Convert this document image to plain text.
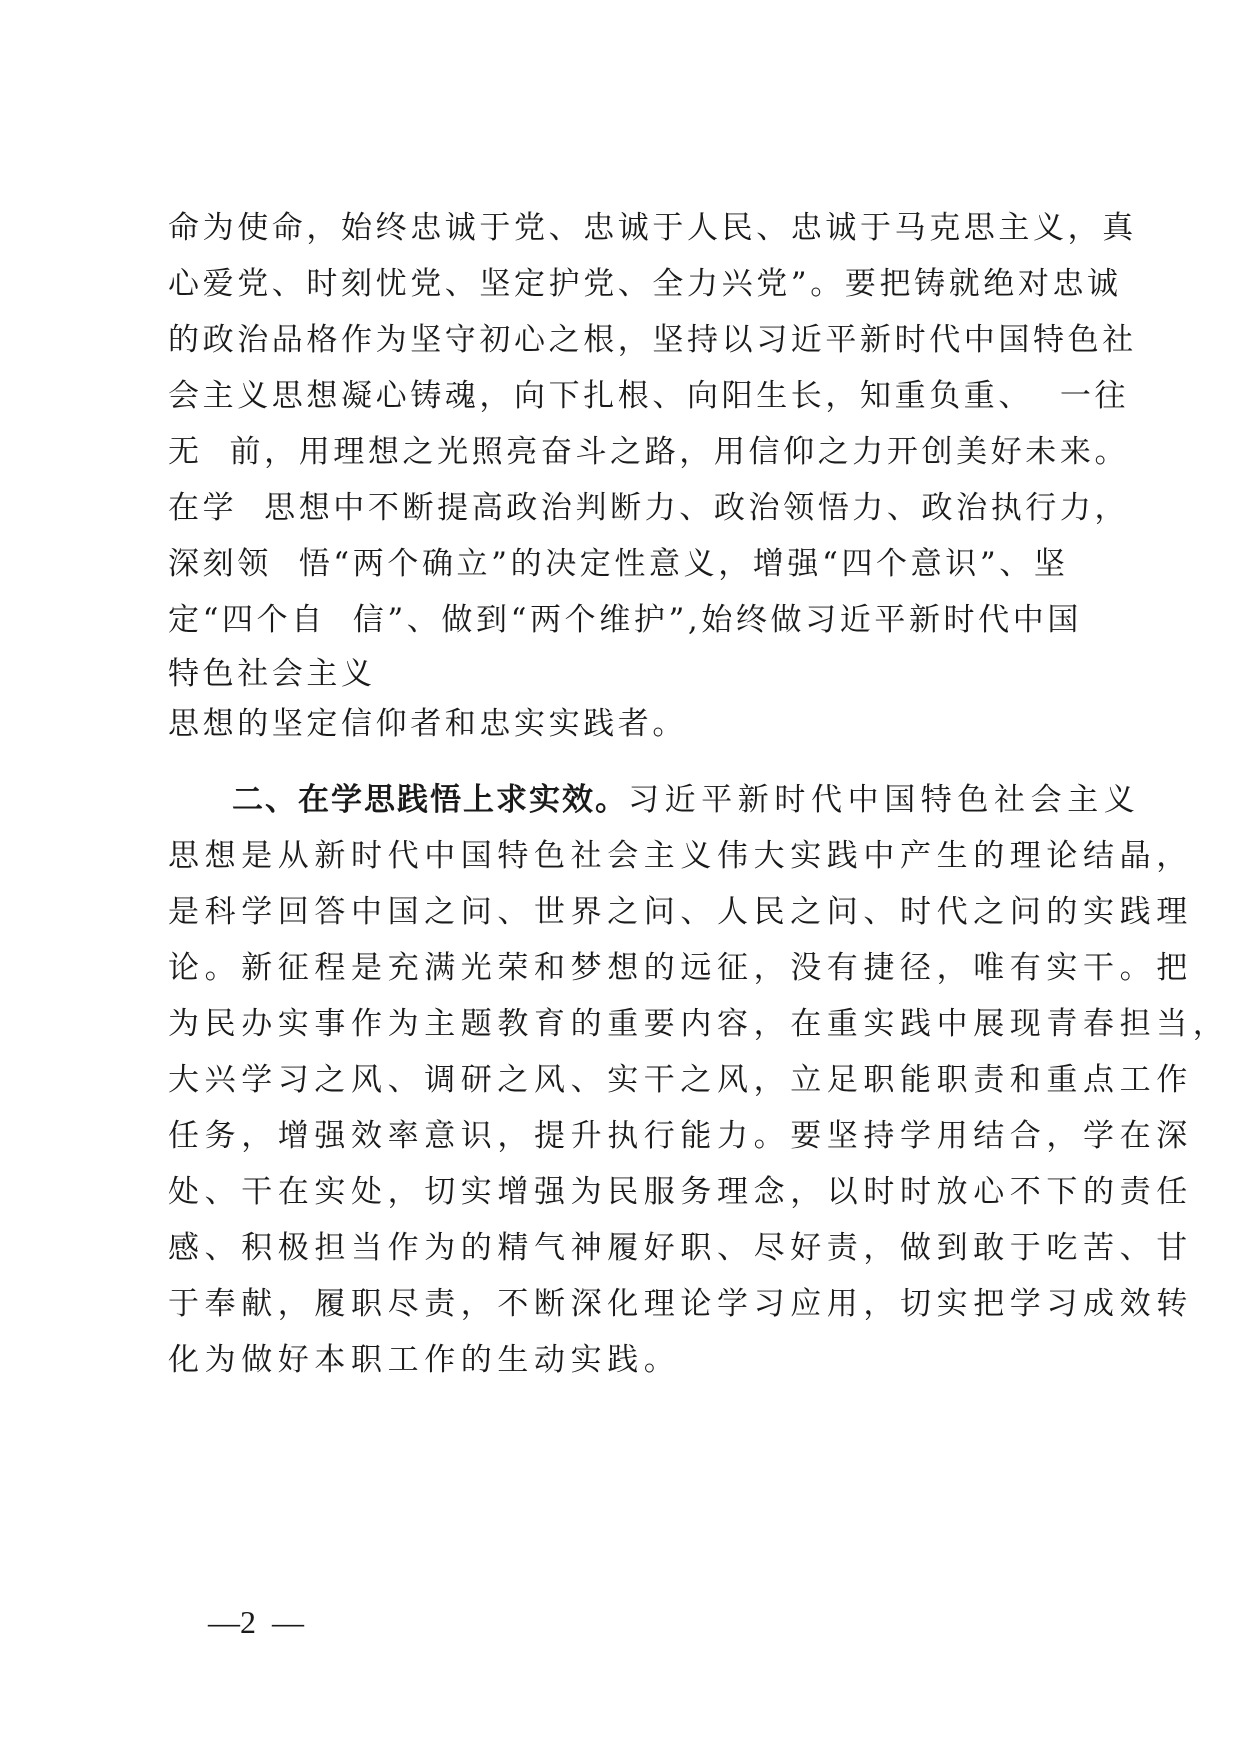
命为使命，始终忠诚于党、忠诚于人民、忠诚于马克思主义，真
心爱党、时刻忧党、坚定护党、全力兴党”。要把铸就绝对忠诚
的政治品格作为坚守初心之根，坚持以习近平新时代中国特色社
会主义思想凝心铸魂，向下扎根、向阳生长，知重负重、  一往
无  前，用理想之光照亮奋斗之路，用信仰之力开创美好未来。
在学  思想中不断提高政治判断力、政治领悟力、政治执行力，
深刻领  悟“两个确立”的决定性意义，增强“四个意识”、坚
定“四个自  信”、做到“两个维护”,始终做习近平新时代中国
特色社会主义
思想的坚定信仰者和忠实实践者。
二、在学思践悟上求实效。习近平新时代中国特色社会主义
思想是从新时代中国特色社会主义伟大实践中产生的理论结晶，
是科学回答中国之问、世界之问、人民之问、时代之问的实践理
论。新征程是充满光荣和梦想的远征，没有捷径，唯有实干。把
为民办实事作为主题教育的重要内容，在重实践中展现青春担当，
大兴学习之风、调研之风、实干之风，立足职能职责和重点工作
任务，增强效率意识，提升执行能力。要坚持学用结合，学在深
处、干在实处，切实增强为民服务理念，以时时放心不下的责任
感、积极担当作为的精气神履好职、尽好责，做到敢于吃苦、甘
于奉献，履职尽责，不断深化理论学习应用，切实把学习成效转
化为做好本职工作的生动实践。
—2  —
